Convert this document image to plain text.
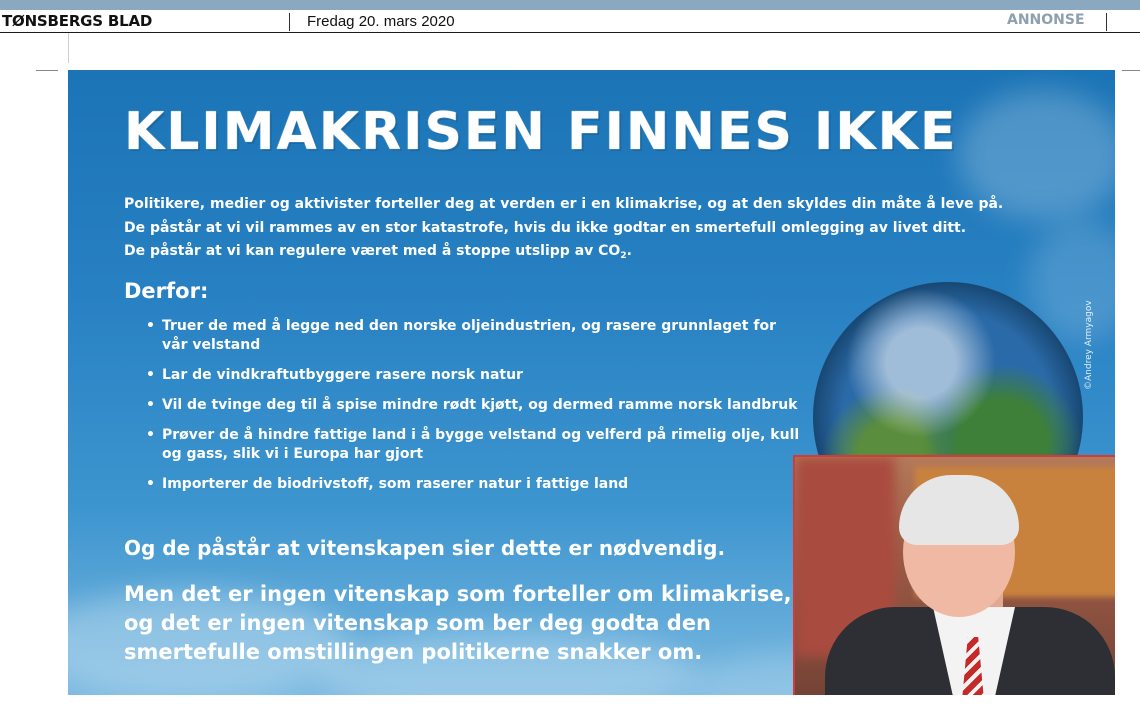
TØNSBERGS BLAD	Fredag 20. mars 2020	ANNONSE
©Andrey Armyagov
KLIMAKRISEN FINNES IKKE

Politikere, medier og aktivister forteller deg at verden er i en klimakrise, og at den skyldes din måte å leve på.

De påstår at vi vil rammes av en stor katastrofe, hvis du ikke godtar en smertefull omlegging av livet ditt.

De påstår at vi kan regulere været med å stoppe utslipp av $CO_2$.

Derfor:
• Truer de med å legge ned den norske oljeindustrien, og rasere grunnlaget for vår velstand
• Lar de vindkraftutbyggere rasere norsk natur
• Vil de tvinge deg til å spise mindre rødt kjøtt, og dermed ramme norsk landbruk
• Prøver de å hindre fattige land i å bygge velstand og velferd på rimelig olje, kull og gass, slik vi i Europa har gjort
• Importerer de biodrivstoff, som raserer natur i fattige land

Og de påstår at vitenskapen sier dette er nødvendig.

Men det er ingen vitenskap som forteller om klimakrise,

og det er ingen vitenskap som ber deg godta den

smertefulle omstillingen politikerne snakker om.
